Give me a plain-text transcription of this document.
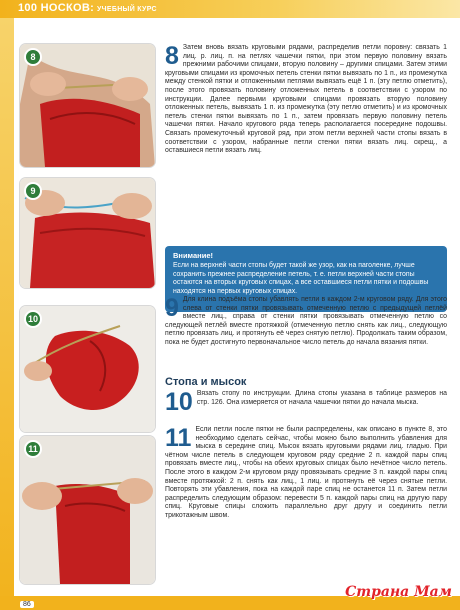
100 НОСКОВ: УЧЕБНЫЙ КУРС
8
9
10
11

8 Затем вновь вязать круговыми рядами, распределив петли поровну: связать 1 лиц. р. лиц. п. на петлях чашечки пятки, при этом первую половину вязать прежними рабочими спицами, вторую половину – другими спицами. Затем этими круговыми спицами из кромочных петель стенки пятки вывязать по 1 п., из промежутка между стенкой пятки и отложенными петлями вывязать ещё 1 п. (эту петлю отметить), после этого провязать половину отложенных петель в соответствии с узором по инструкции. Далее первыми круговыми спицами провязать вторую половину отложенных петель, вывязать 1 п. из промежутка (эту петлю отметить) и из кромочных петель стенки пятки вывязать по 1 п., затем провязать первую половину петель чашечки пятки. Начало кругового ряда теперь располагается посередине подошвы. Связать промежуточный круговой ряд, при этом петли верхней части стопы вязать в соответствии с узором, набранные петли стенки пятки вязать лиц. скрещ., а оставшиеся петли вязать лиц.

Внимание!

Если на верхней части стопы будет такой же узор, как на паголенке, лучше сохранить прежнее распределение петель, т. е. петли верхней части стопы остаются на вторых круговых спицах, а все оставшиеся петли пятки и подошвы находятся на первых круговых спицах.

9 Для клина подъёма стопы убавлять петли в каждом 2-м круговом ряду. Для этого слева от стенки пятки провязывать отмеченную петлю с предыдущей петлёй вместе лиц., справа от стенки пятки провязывать отмеченную петлю со следующей петлёй вместе протяжкой (отмеченную петлю снять как лиц., следующую петлю провязать лиц. и протянуть её через снятую петлю). Продолжать таким образом, пока не будет достигнуто первоначальное число петель до начала вязания пятки.

Стопа и мысок

10 Вязать стопу по инструкции. Длина стопы указана в таблице размеров на стр. 126. Она измеряется от начала чашечки пятки до начала мыска.

11 Если петли после пятки не были распределены, как описано в пункте 8, это необходимо сделать сейчас, чтобы можно было выполнить убавления для мыска в середине спиц. Мысок вязать круговыми рядами лиц. гладью. При чётном числе петель в следующем круговом ряду средние 2 п. каждой пары спиц провязать вместе лиц., чтобы на обеих круговых спицах было нечётное число петель. После этого в каждом 2-м круговом ряду провязывать средние 3 п. каждой пары спиц вместе протяжкой: 2 п. снять как лиц., 1 лиц. и протянуть её через снятые петли. Повторять эти убавления, пока на каждой паре спиц не останется 11 п. Затем петли распределить следующим образом: перевести 5 п. каждой пары спиц на другую пару спиц. Круговые спицы сложить параллельно друг другу и соединить петли трикотажным швом.

86
Страна Мам
